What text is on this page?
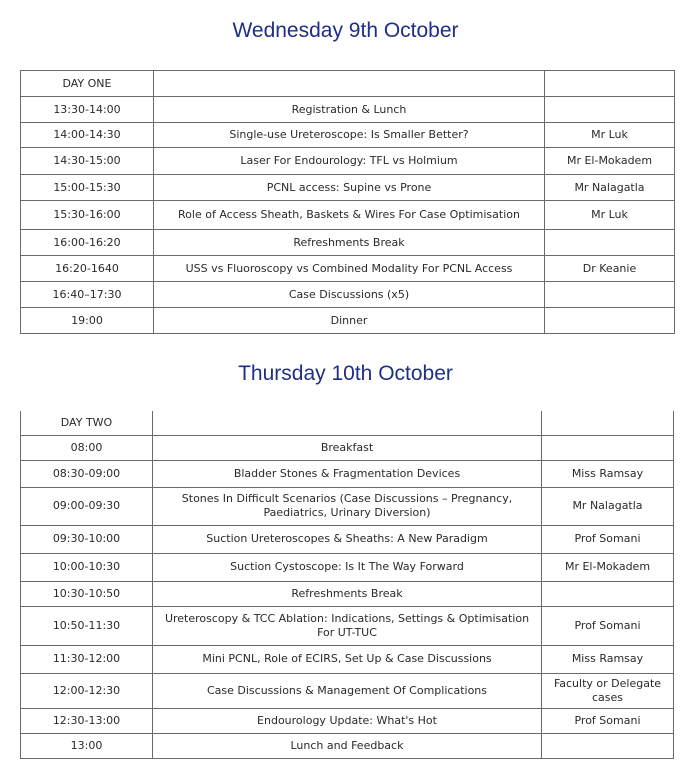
Wednesday 9th October
DAY ONE		
13:30-14:00	Registration & Lunch	
14:00-14:30	Single-use Ureteroscope: Is Smaller Better?	Mr Luk
14:30-15:00	Laser For Endourology: TFL vs Holmium	Mr El-Mokadem
15:00-15:30	PCNL access: Supine vs Prone	Mr Nalagatla
15:30-16:00	Role of Access Sheath, Baskets & Wires For Case Optimisation	Mr Luk
16:00-16:20	Refreshments Break	
16:20-1640	USS vs Fluoroscopy vs Combined Modality For PCNL Access	Dr Keanie
16:40–17:30	Case Discussions (x5)	
19:00	Dinner	
Thursday 10th October
DAY TWO		
08:00	Breakfast	
08:30-09:00	Bladder Stones & Fragmentation Devices	Miss Ramsay
09:00-09:30	Stones In Difficult Scenarios (Case Discussions – Pregnancy, Paediatrics, Urinary Diversion)	Mr Nalagatla
09:30-10:00	Suction Ureteroscopes & Sheaths: A New Paradigm	Prof Somani
10:00-10:30	Suction Cystoscope: Is It The Way Forward	Mr El-Mokadem
10:30-10:50	Refreshments Break	
10:50-11:30	Ureteroscopy & TCC Ablation: Indications, Settings & Optimisation For UT-TUC	Prof Somani
11:30-12:00	Mini PCNL, Role of ECIRS, Set Up & Case Discussions	Miss Ramsay
12:00-12:30	Case Discussions & Management Of Complications	Faculty or Delegate cases
12:30-13:00	Endourology Update: What's Hot	Prof Somani
13:00	Lunch and Feedback	
